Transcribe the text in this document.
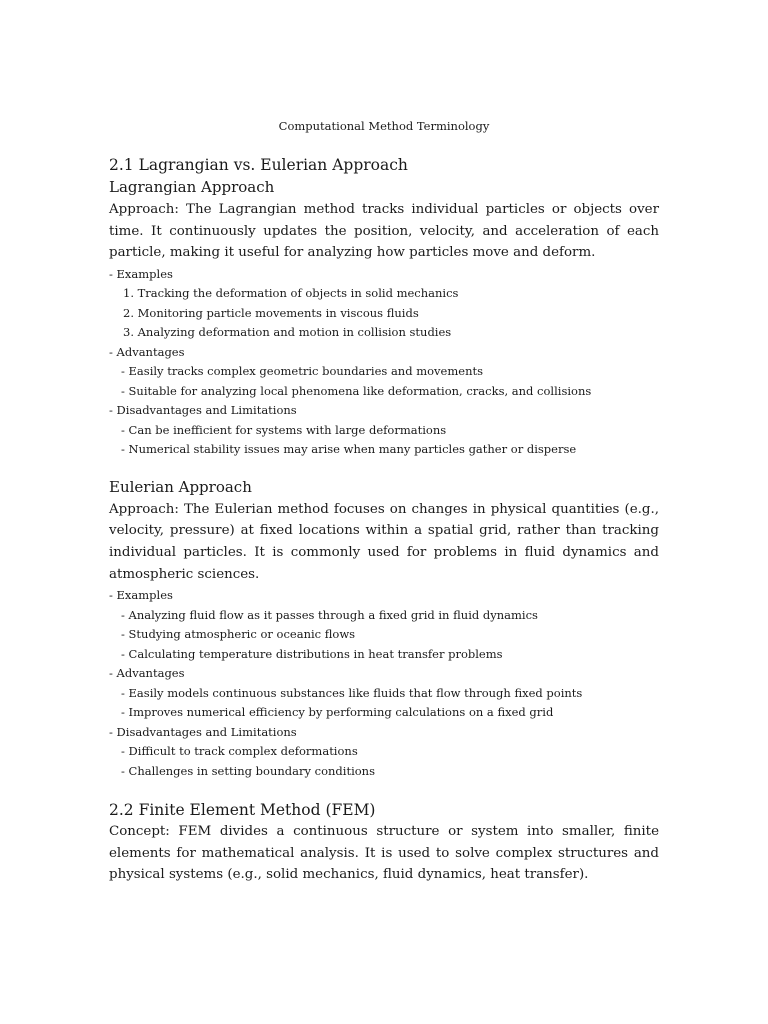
Computational Method Terminology
2.1 Lagrangian vs. Eulerian Approach
Lagrangian Approach

Approach: The Lagrangian method tracks individual particles or objects over time. It continuously updates the position, velocity, and acceleration of each particle, making it useful for analyzing how particles move and deform.

- Examples
1. Tracking the deformation of objects in solid mechanics
2. Monitoring particle movements in viscous fluids
3. Analyzing deformation and motion in collision studies
- Advantages
- Easily tracks complex geometric boundaries and movements
- Suitable for analyzing local phenomena like deformation, cracks, and collisions
- Disadvantages and Limitations
- Can be inefficient for systems with large deformations
- Numerical stability issues may arise when many particles gather or disperse
Eulerian Approach

Approach: The Eulerian method focuses on changes in physical quantities (e.g., velocity, pressure) at fixed locations within a spatial grid, rather than tracking individual particles. It is commonly used for problems in fluid dynamics and atmospheric sciences.

- Examples
- Analyzing fluid flow as it passes through a fixed grid in fluid dynamics
- Studying atmospheric or oceanic flows
- Calculating temperature distributions in heat transfer problems
- Advantages
- Easily models continuous substances like fluids that flow through fixed points
- Improves numerical efficiency by performing calculations on a fixed grid
- Disadvantages and Limitations
- Difficult to track complex deformations
- Challenges in setting boundary conditions
2.2 Finite Element Method (FEM)

Concept: FEM divides a continuous structure or system into smaller, finite elements for mathematical analysis. It is used to solve complex structures and physical systems (e.g., solid mechanics, fluid dynamics, heat transfer).
